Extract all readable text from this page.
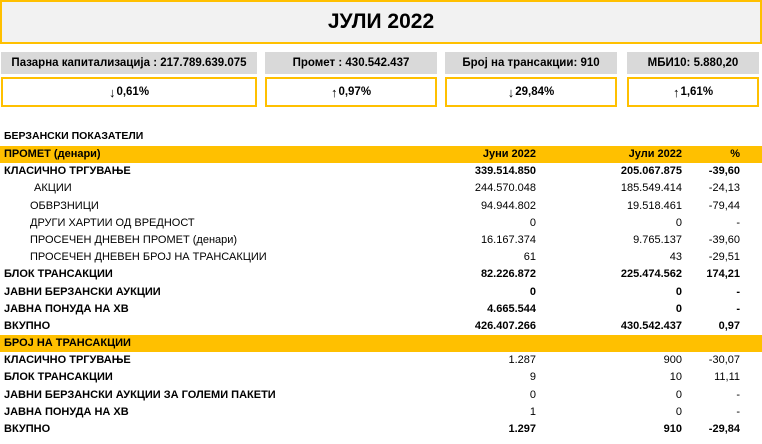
ЈУЛИ 2022
Пазарна капитализација : 217.789.639.075
↓ 0,61%
Промет : 430.542.437
↑ 0,97%
Број на трансакции: 910
↓ 29,84%
МБИ10: 5.880,20
↑ 1,61%
БЕРЗАНСКИ ПОКАЗАТЕЛИ
ПРОМЕТ (денари)	Јуни 2022	Јули 2022	%
КЛАСИЧНО ТРГУВАЊЕ	339.514.850	205.067.875 -39,60
АКЦИИ	244.570.048	185.549.414 -24,13
ОБВРЗНИЦИ	94.944.802	19.518.461 -79,44
ДРУГИ ХАРТИИ ОД ВРЕДНОСТ	0	0	-
ПРОСЕЧЕН ДНЕВЕН ПРОМЕТ (денари)	16.167.374	9.765.137 -39,60
ПРОСЕЧЕН ДНЕВЕН БРОЈ НА ТРАНСАКЦИИ	61	43 -29,51
БЛОК ТРАНСАКЦИИ	82.226.872	225.474.562 174,21
ЈАВНИ БЕРЗАНСКИ АУКЦИИ	0	0	-
ЈАВНА ПОНУДА НА ХВ	4.665.544	0	-
ВКУПНО	426.407.266	430.542.437	0,97
БРОЈ НА ТРАНСАКЦИИ
КЛАСИЧНО ТРГУВАЊЕ	1.287	900 -30,07
БЛОК ТРАНСАКЦИИ	9	10	11,11
ЈАВНИ БЕРЗАНСКИ АУКЦИИ ЗА ГОЛЕМИ ПАКЕТИ	0	0	-
ЈАВНА ПОНУДА НА ХВ	1	0	-
ВКУПНО	1.297	910 -29,84
